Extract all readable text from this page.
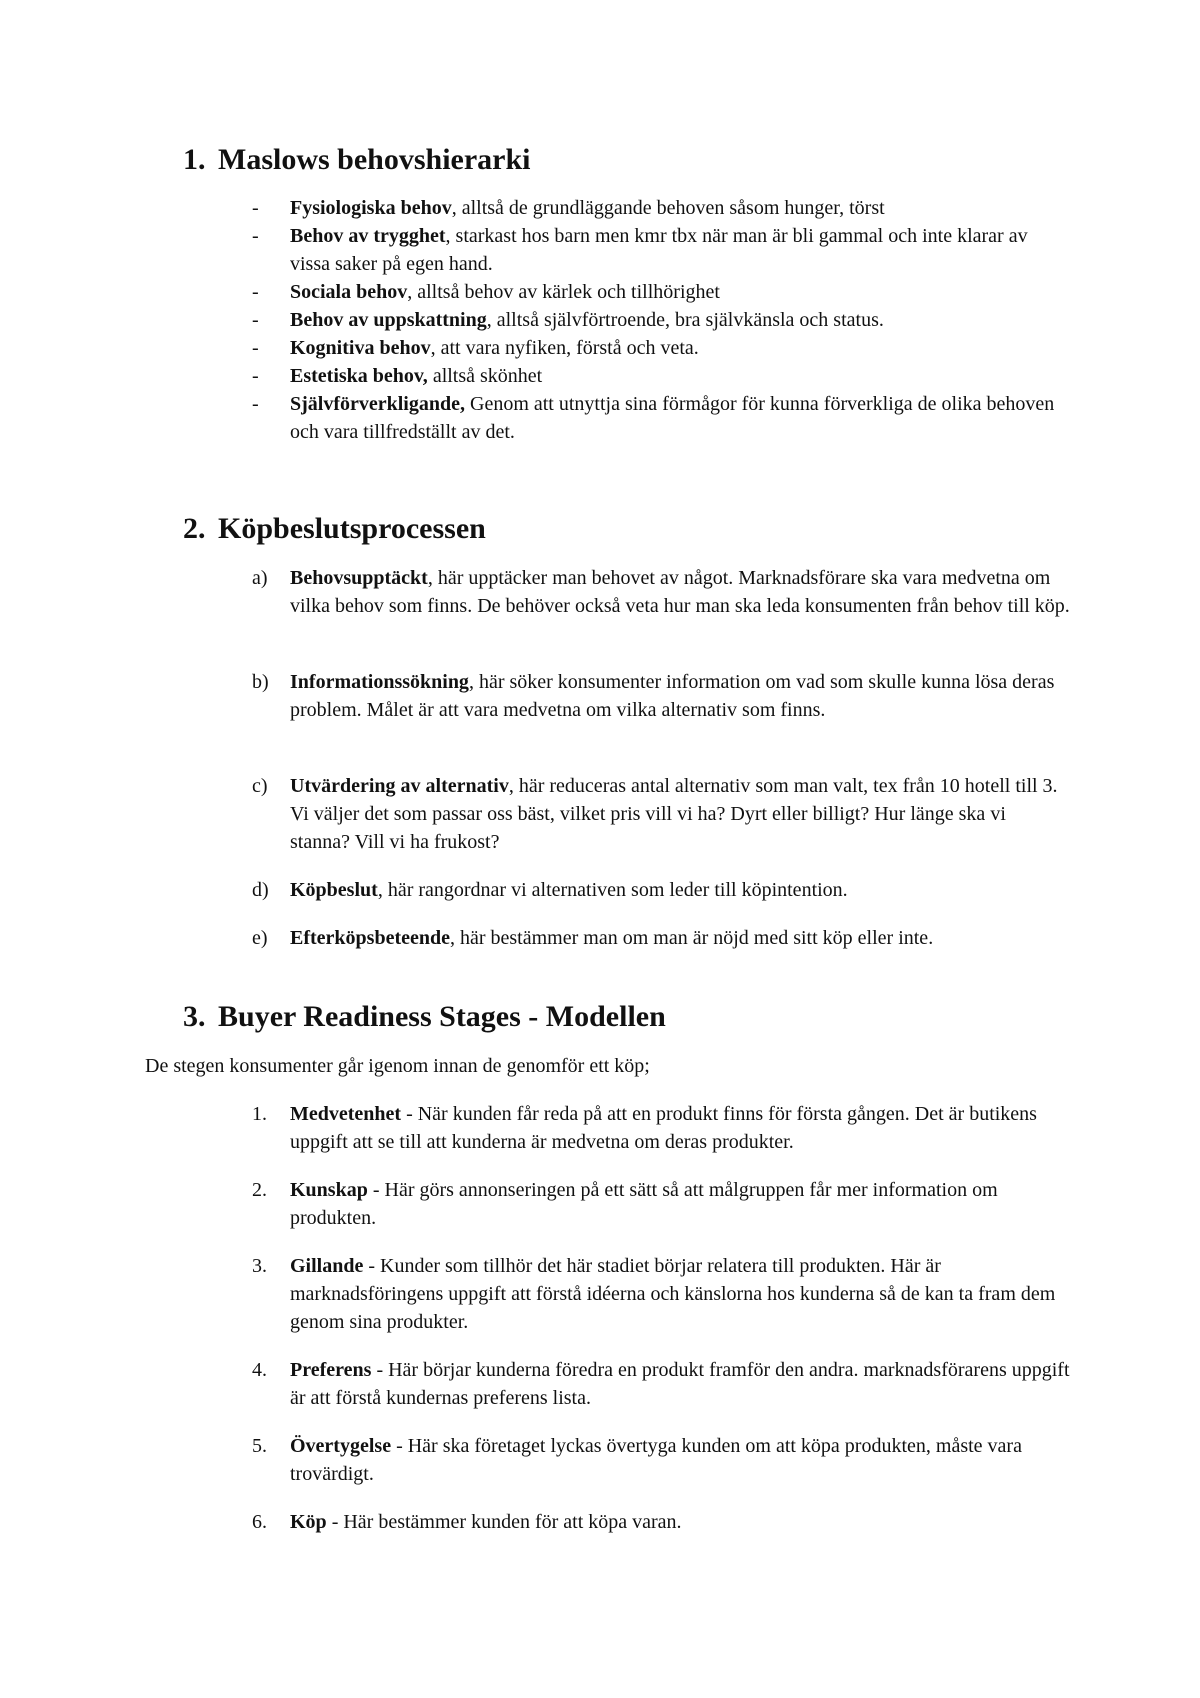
1. Maslows behovshierarki
-	Fysiologiska behov, alltså de grundläggande behoven såsom hunger, törst
-	Behov av trygghet, starkast hos barn men kmr tbx när man är bli gammal och inte klarar av vissa saker på egen hand.
-	Sociala behov, alltså behov av kärlek och tillhörighet
-	Behov av uppskattning, alltså självförtroende, bra självkänsla och status.
-	Kognitiva behov, att vara nyfiken, förstå och veta.
-	Estetiska behov, alltså skönhet
-	Självförverkligande, Genom att utnyttja sina förmågor för kunna förverkliga de olika behoven och vara tillfredställt av det.
2. Köpbeslutsprocessen
a)	Behovsupptäckt, här upptäcker man behovet av något. Marknadsförare ska vara medvetna om vilka behov som finns. De behöver också veta hur man ska leda konsumenten från behov till köp.
b)	Informationssökning, här söker konsumenter information om vad som skulle kunna lösa deras problem. Målet är att vara medvetna om vilka alternativ som finns.
c)	Utvärdering av alternativ, här reduceras antal alternativ som man valt, tex från 10 hotell till 3. Vi väljer det som passar oss bäst, vilket pris vill vi ha? Dyrt eller billigt? Hur länge ska vi stanna? Vill vi ha frukost?
d)	Köpbeslut, här rangordnar vi alternativen som leder till köpintention.
e)	Efterköpsbeteende, här bestämmer man om man är nöjd med sitt köp eller inte.
3. Buyer Readiness Stages - Modellen
De stegen konsumenter går igenom innan de genomför ett köp;
1.	Medvetenhet - När kunden får reda på att en produkt finns för första gången. Det är butikens uppgift att se till att kunderna är medvetna om deras produkter.
2.	Kunskap - Här görs annonseringen på ett sätt så att målgruppen får mer information om produkten.
3.	Gillande - Kunder som tillhör det här stadiet börjar relatera till produkten. Här är marknadsföringens uppgift att förstå idéerna och känslorna hos kunderna så de kan ta fram dem genom sina produkter.
4.	Preferens - Här börjar kunderna föredra en produkt framför den andra. marknadsförarens uppgift är att förstå kundernas preferens lista.
5.	Övertygelse - Här ska företaget lyckas övertyga kunden om att köpa produkten, måste vara trovärdigt.
6.	Köp - Här bestämmer kunden för att köpa varan.
